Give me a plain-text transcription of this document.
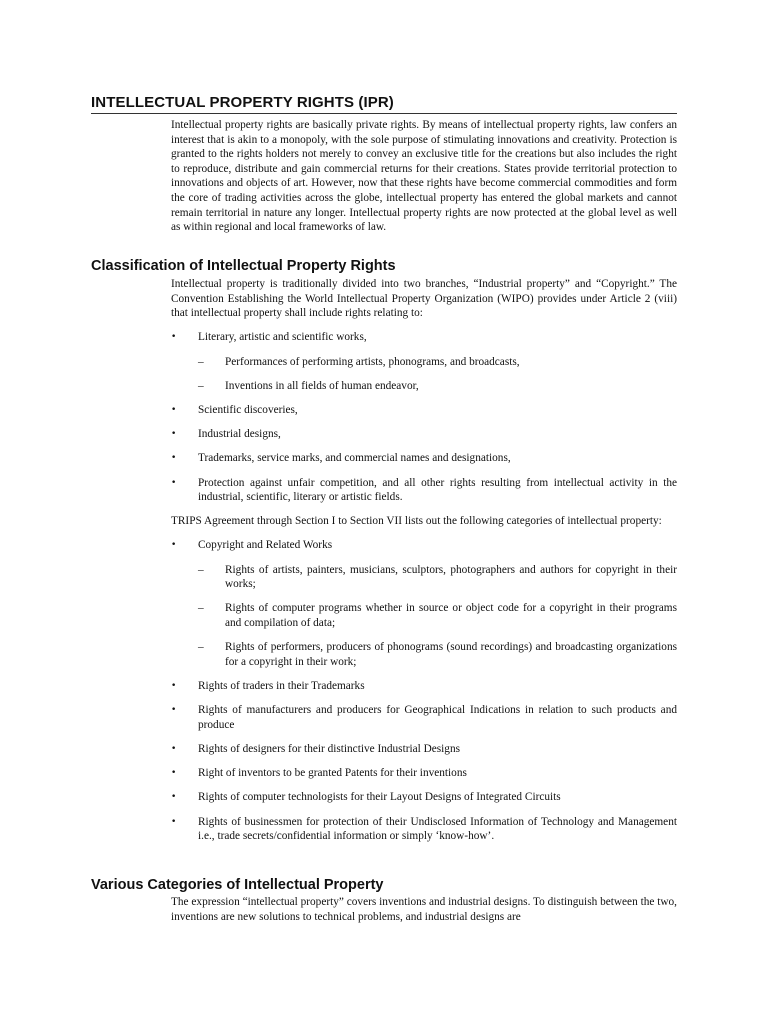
INTELLECTUAL PROPERTY RIGHTS (IPR)

Intellectual property rights are basically private rights. By means of intellectual property rights, law confers an interest that is akin to a monopoly, with the sole purpose of stimulating innovations and creativity. Protection is granted to the rights holders not merely to convey an exclusive title for the creations but also includes the right to reproduce, distribute and gain commercial returns for their creations. States provide territorial protection to innovations and objects of art. However, now that these rights have become commercial commodities and form the core of trading activities across the globe, intellectual property has entered the global markets and cannot remain territorial in nature any longer. Intellectual property rights are now protected at the global level as well as within regional and local frameworks of law.

Classification of Intellectual Property Rights

Intellectual property is traditionally divided into two branches, “Industrial property” and “Copyright.” The Convention Establishing the World Intellectual Property Organization (WIPO) provides under Article 2 (viii) that intellectual property shall include rights relating to:

• Literary, artistic and scientific works,
– Performances of performing artists, phonograms, and broadcasts,
– Inventions in all fields of human endeavor,
• Scientific discoveries,
• Industrial designs,
• Trademarks, service marks, and commercial names and designations,
• Protection against unfair competition, and all other rights resulting from intellectual activity in the industrial, scientific, literary or artistic fields.

TRIPS Agreement through Section I to Section VII lists out the following categories of intellectual property:

• Copyright and Related Works
– Rights of artists, painters, musicians, sculptors, photographers and authors for copyright in their works;
– Rights of computer programs whether in source or object code for a copyright in their programs and compilation of data;
– Rights of performers, producers of phonograms (sound recordings) and broadcasting organizations for a copyright in their work;
• Rights of traders in their Trademarks
• Rights of manufacturers and producers for Geographical Indications in relation to such products and produce
• Rights of designers for their distinctive Industrial Designs
• Right of inventors to be granted Patents for their inventions
• Rights of computer technologists for their Layout Designs of Integrated Circuits
• Rights of businessmen for protection of their Undisclosed Information of Technology and Management i.e., trade secrets/confidential information or simply ‘know-how’.
Various Categories of Intellectual Property

The expression “intellectual property” covers inventions and industrial designs. To distinguish between the two, inventions are new solutions to technical problems, and industrial designs are
